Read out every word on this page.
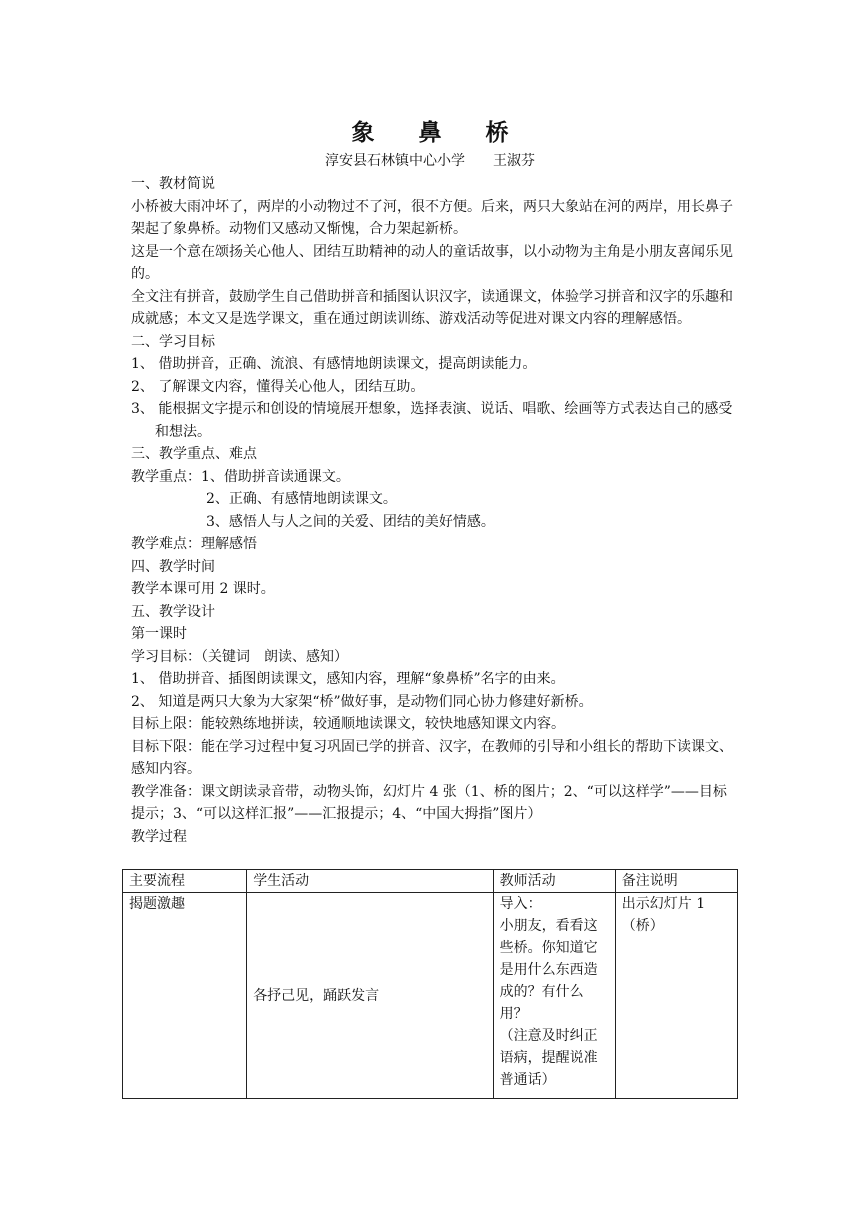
象鼻桥
淳安县石林镇中心小学 王淑芬

一、教材简说

小桥被大雨冲坏了，两岸的小动物过不了河，很不方便。后来，两只大象站在河的两岸，用长鼻子架起了象鼻桥。动物们又感动又惭愧，合力架起新桥。

这是一个意在颂扬关心他人、团结互助精神的动人的童话故事，以小动物为主角是小朋友喜闻乐见的。

全文注有拼音，鼓励学生自己借助拼音和插图认识汉字，读通课文，体验学习拼音和汉字的乐趣和成就感；本文又是选学课文，重在通过朗读训练、游戏活动等促进对课文内容的理解感悟。

二、学习目标

1、 借助拼音，正确、流浪、有感情地朗读课文，提高朗读能力。

2、 了解课文内容，懂得关心他人，团结互助。

3、 能根据文字提示和创设的情境展开想象，选择表演、说话、唱歌、绘画等方式表达自己的感受和想法。

三、教学重点、难点

教学重点：1、借助拼音读通课文。

2、正确、有感情地朗读课文。

3、感悟人与人之间的关爱、团结的美好情感。

教学难点：理解感悟

四、教学时间

教学本课可用 2 课时。

五、教学设计

第一课时

学习目标：（关键词 朗读、感知）

1、 借助拼音、插图朗读课文，感知内容，理解“象鼻桥”名字的由来。

2、 知道是两只大象为大家架“桥”做好事，是动物们同心协力修建好新桥。

目标上限：能较熟练地拼读，较通顺地读课文，较快地感知课文内容。

目标下限：能在学习过程中复习巩固已学的拼音、汉字，在教师的引导和小组长的帮助下读课文、感知内容。

教学准备：课文朗读录音带，动物头饰，幻灯片 4 张（1、桥的图片；2、“可以这样学”——目标提示；3、“可以这样汇报”——汇报提示；4、“中国大拇指”图片）

教学过程

主要流程	学生活动	教师活动	备注说明
揭题激趣	各抒己见，踊跃发言	导入：
小朋友，看看这些桥。你知道它是用什么东西造成的？有什么用？
（注意及时纠正语病，提醒说准普通话）	出示幻灯片 1（桥）
